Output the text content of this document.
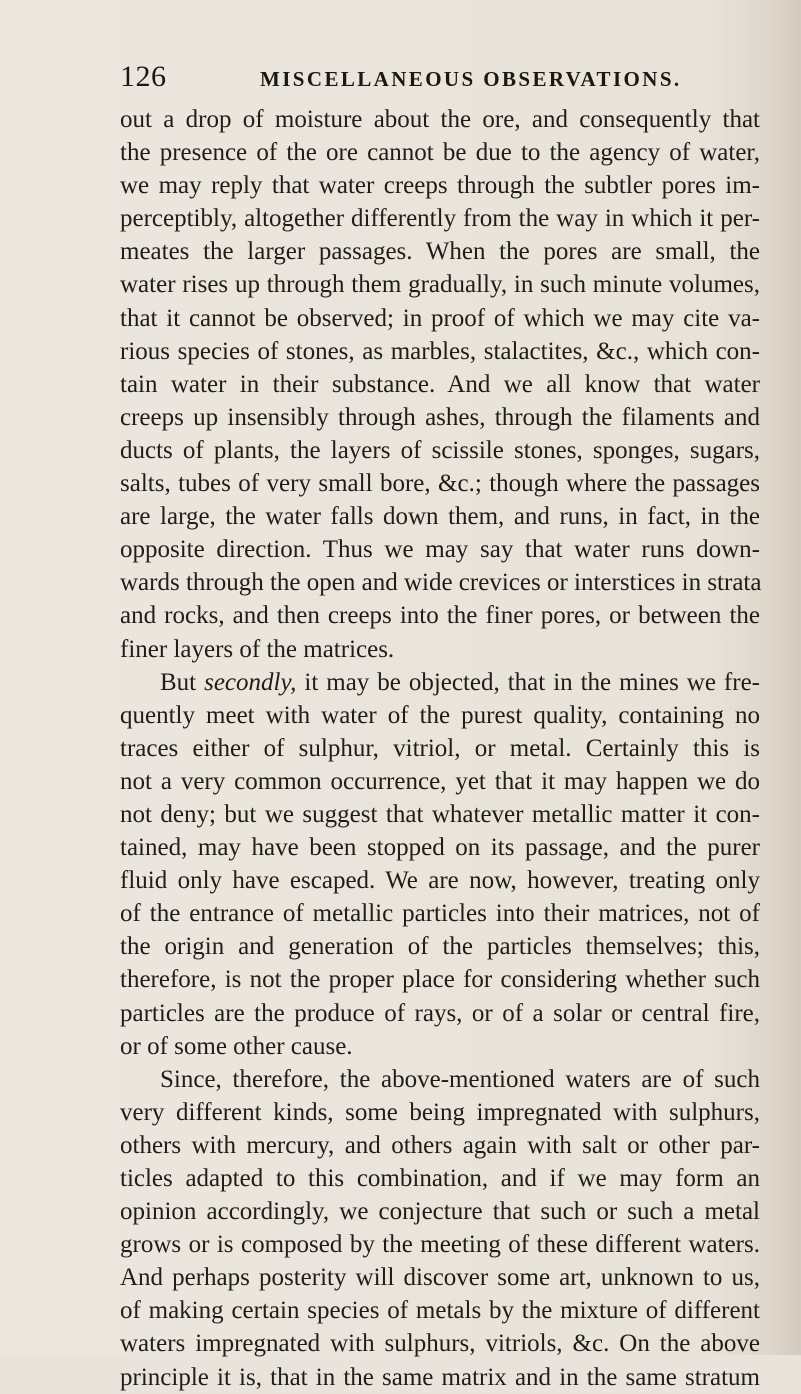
126	MISCELLANEOUS OBSERVATIONS.
out a drop of moisture about the ore, and consequently that
the presence of the ore cannot be due to the agency of water,
we may reply that water creeps through the subtler pores im-
perceptibly, altogether differently from the way in which it per-
meates the larger passages. When the pores are small, the
water rises up through them gradually, in such minute volumes,
that it cannot be observed; in proof of which we may cite va-
rious species of stones, as marbles, stalactites, &c., which con-
tain water in their substance. And we all know that water
creeps up insensibly through ashes, through the filaments and
ducts of plants, the layers of scissile stones, sponges, sugars,
salts, tubes of very small bore, &c.; though where the passages
are large, the water falls down them, and runs, in fact, in the
opposite direction. Thus we may say that water runs down-
wards through the open and wide crevices or interstices in strata
and rocks, and then creeps into the finer pores, or between the
finer layers of the matrices.
But secondly, it may be objected, that in the mines we fre-
quently meet with water of the purest quality, containing no
traces either of sulphur, vitriol, or metal. Certainly this is
not a very common occurrence, yet that it may happen we do
not deny; but we suggest that whatever metallic matter it con-
tained, may have been stopped on its passage, and the purer
fluid only have escaped. We are now, however, treating only
of the entrance of metallic particles into their matrices, not of
the origin and generation of the particles themselves; this,
therefore, is not the proper place for considering whether such
particles are the produce of rays, or of a solar or central fire,
or of some other cause.
Since, therefore, the above-mentioned waters are of such
very different kinds, some being impregnated with sulphurs,
others with mercury, and others again with salt or other par-
ticles adapted to this combination, and if we may form an
opinion accordingly, we conjecture that such or such a metal
grows or is composed by the meeting of these different waters.
And perhaps posterity will discover some art, unknown to us,
of making certain species of metals by the mixture of different
waters impregnated with sulphurs, vitriols, &c. On the above
principle it is, that in the same matrix and in the same stratum
